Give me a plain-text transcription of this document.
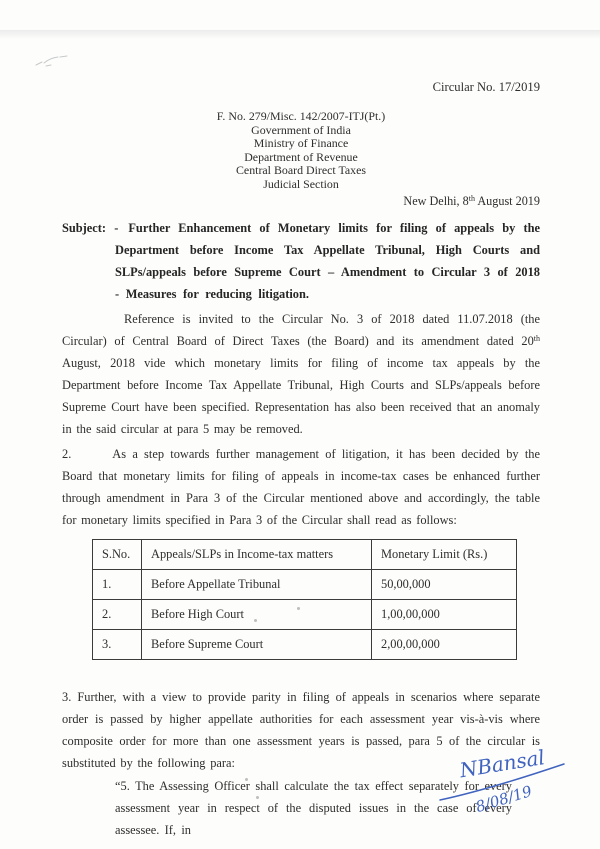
Circular No. 17/2019
F. No. 279/Misc. 142/2007-ITJ(Pt.)
Government of India
Ministry of Finance
Department of Revenue
Central Board Direct Taxes
Judicial Section
New Delhi, 8th August 2019

Subject: - Further Enhancement of Monetary limits for filing of appeals by the Department before Income Tax Appellate Tribunal, High Courts and SLPs/appeals before Supreme Court – Amendment to Circular 3 of 2018 - Measures for reducing litigation.

Reference is invited to the Circular No. 3 of 2018 dated 11.07.2018 (the Circular) of Central Board of Direct Taxes (the Board) and its amendment dated 20th August, 2018 vide which monetary limits for filing of income tax appeals by the Department before Income Tax Appellate Tribunal, High Courts and SLPs/appeals before Supreme Court have been specified. Representation has also been received that an anomaly in the said circular at para 5 may be removed.

2.	As a step towards further management of litigation, it has been decided by the Board that monetary limits for filing of appeals in income-tax cases be enhanced further through amendment in Para 3 of the Circular mentioned above and accordingly, the table for monetary limits specified in Para 3 of the Circular shall read as follows:

S.No.	Appeals/SLPs in Income-tax matters	Monetary Limit (Rs.)
1.	Before Appellate Tribunal	50,00,000
2.	Before High Court	1,00,00,000
3.	Before Supreme Court	2,00,00,000

3. Further, with a view to provide parity in filing of appeals in scenarios where separate order is passed by higher appellate authorities for each assessment year vis-à-vis where composite order for more than one assessment years is passed, para 5 of the circular is substituted by the following para:

“5. The Assessing Officer shall calculate the tax effect separately for every assessment year in respect of the disputed issues in the case of every assessee. If, in

NBansal
8/08/19
